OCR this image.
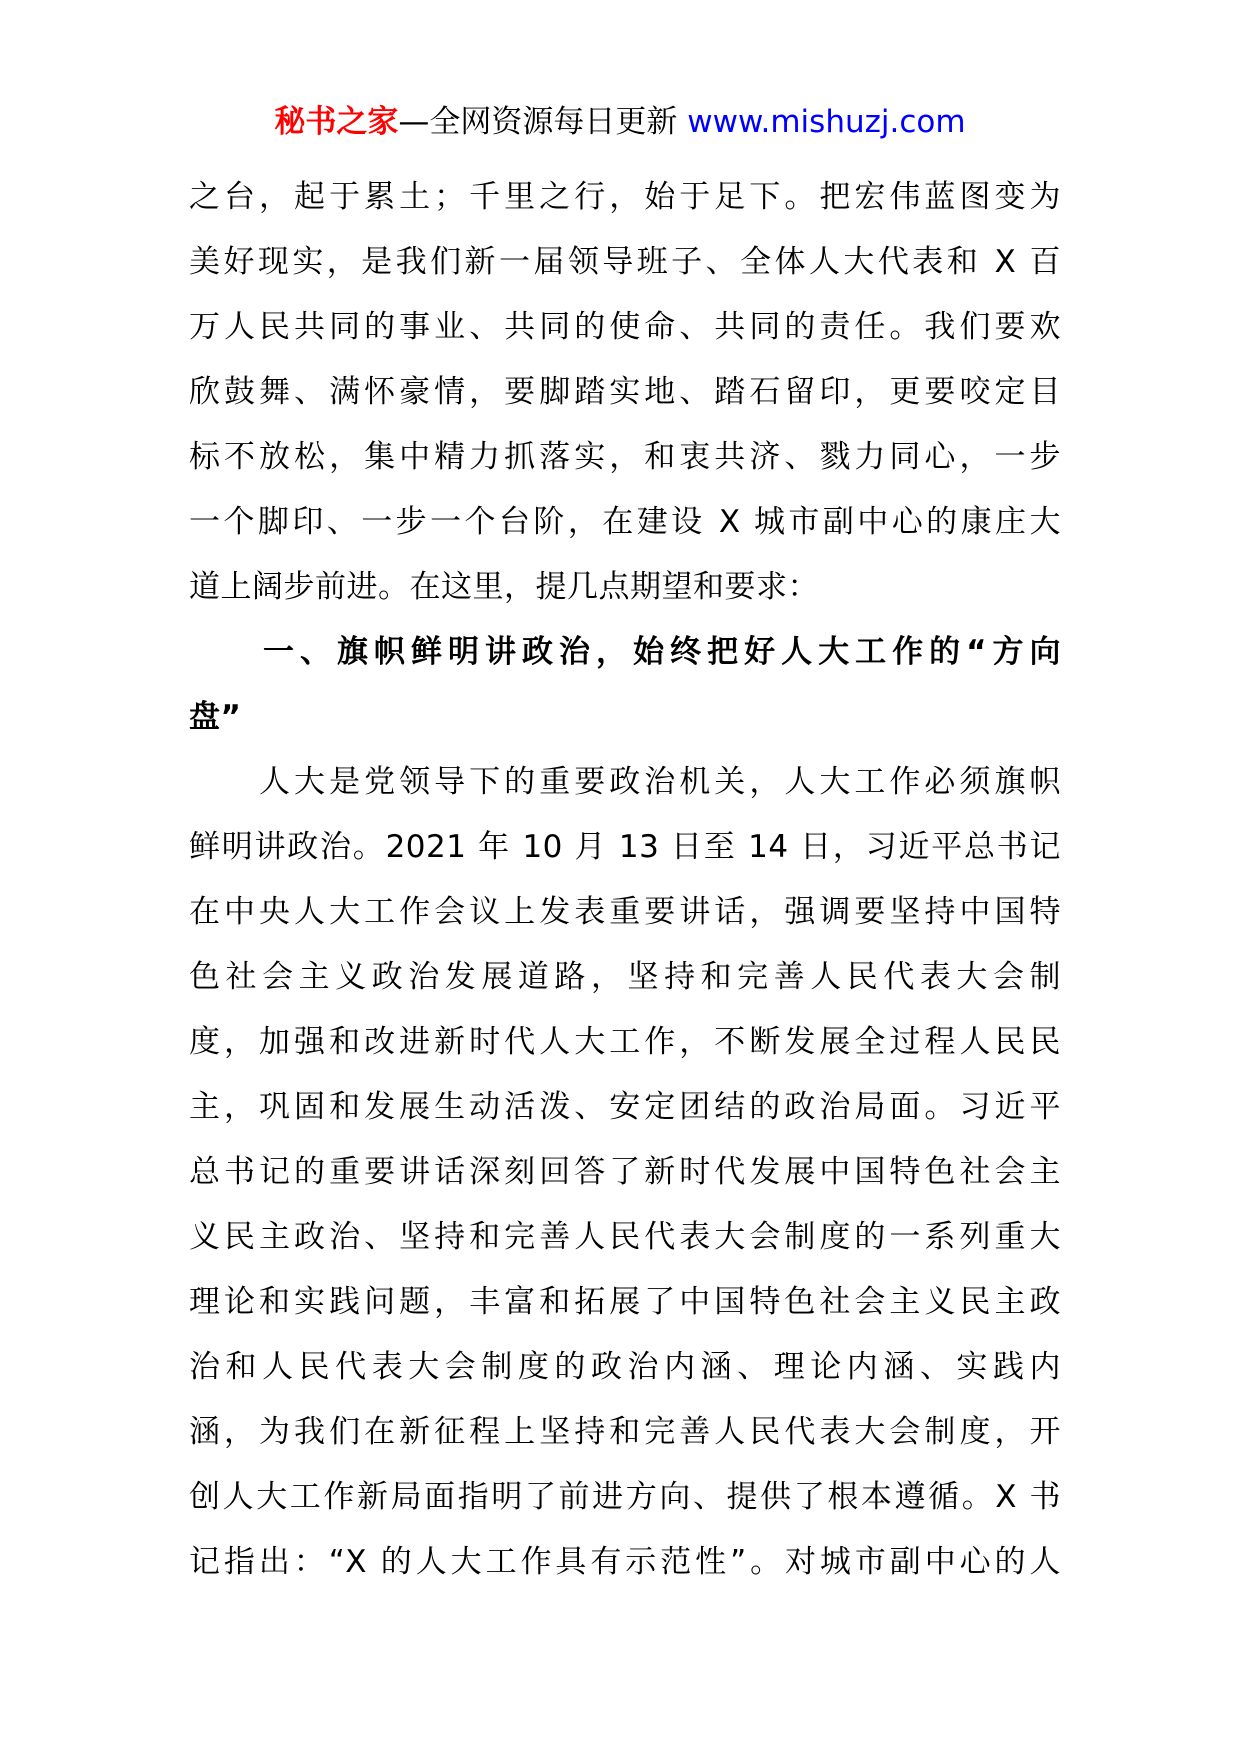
秘书之家—全网资源每日更新 www.mishuzj.com
之台，起于累土；千里之行，始于足下。把宏伟蓝图变为
美好现实，是我们新一届领导班子、全体人大代表和 X 百
万人民共同的事业、共同的使命、共同的责任。我们要欢
欣鼓舞、满怀豪情，要脚踏实地、踏石留印，更要咬定目
标不放松，集中精力抓落实，和衷共济、戮力同心，一步
一个脚印、一步一个台阶，在建设 X 城市副中心的康庄大
道上阔步前进。在这里，提几点期望和要求：
　　一、旗帜鲜明讲政治，始终把好人大工作的“方向
盘”
　　人大是党领导下的重要政治机关，人大工作必须旗帜
鲜明讲政治。2021 年 10 月 13 日至 14 日，习近平总书记
在中央人大工作会议上发表重要讲话，强调要坚持中国特
色社会主义政治发展道路，坚持和完善人民代表大会制
度，加强和改进新时代人大工作，不断发展全过程人民民
主，巩固和发展生动活泼、安定团结的政治局面。习近平
总书记的重要讲话深刻回答了新时代发展中国特色社会主
义民主政治、坚持和完善人民代表大会制度的一系列重大
理论和实践问题，丰富和拓展了中国特色社会主义民主政
治和人民代表大会制度的政治内涵、理论内涵、实践内
涵，为我们在新征程上坚持和完善人民代表大会制度，开
创人大工作新局面指明了前进方向、提供了根本遵循。X 书
记指出：“X 的人大工作具有示范性”。对城市副中心的人
